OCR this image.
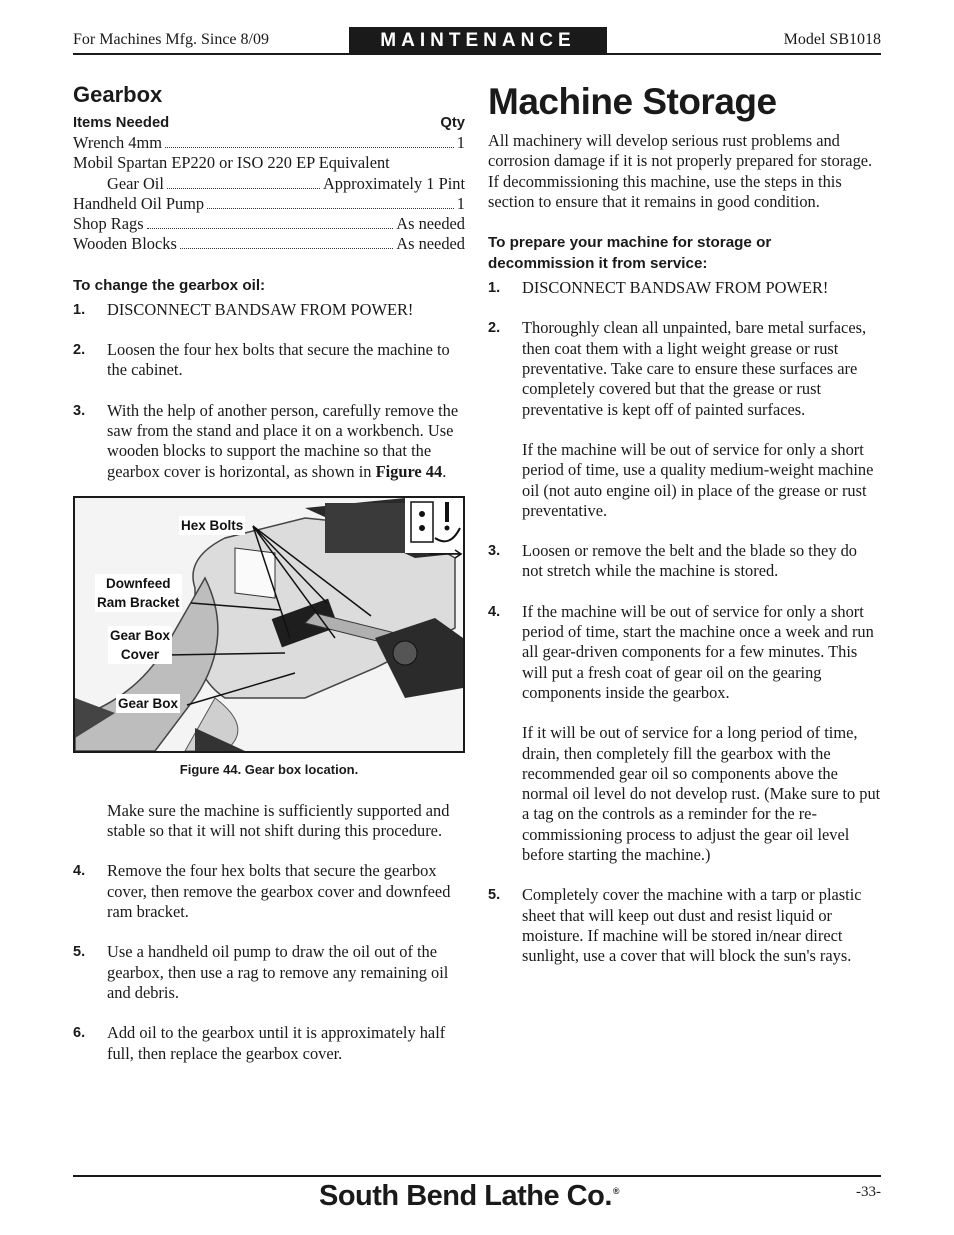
For Machines Mfg. Since 8/09	MAINTENANCE	Model SB1018
Gearbox
Items Needed	Qty
Wrench 4mm	1
Mobil Spartan EP220 or ISO 220 EP Equivalent
Gear Oil	Approximately 1 Pint
Handheld Oil Pump	1
Shop Rags	As needed
Wooden Blocks	As needed
To change the gearbox oil:
1.	DISCONNECT BANDSAW FROM POWER!
2.	Loosen the four hex bolts that secure the machine to the cabinet.
3.	With the help of another person, carefully remove the saw from the stand and place it on a workbench. Use wooden blocks to support the machine so that the gearbox cover is horizontal, as shown in Figure 44.
Hex Bolts
Downfeed
Ram Bracket
Gear Box
Cover
Gear Box
Figure 44. Gear box location.

Make sure the machine is sufficiently supported and stable so that it will not shift during this procedure.

4.	Remove the four hex bolts that secure the gearbox cover, then remove the gearbox cover and downfeed ram bracket.
5.	Use a handheld oil pump to draw the oil out of the gearbox, then use a rag to remove any remaining oil and debris.
6.	Add oil to the gearbox until it is approximately half full, then replace the gearbox cover.
Machine Storage

All machinery will develop serious rust problems and corrosion damage if it is not properly prepared for storage. If decommissioning this machine, use the steps in this section to ensure that it remains in good condition.

To prepare your machine for storage or decommission it from service:
1.	DISCONNECT BANDSAW FROM POWER!
2.	Thoroughly clean all unpainted, bare metal surfaces, then coat them with a light weight grease or rust preventative. Take care to ensure these surfaces are completely covered but that the grease or rust preventative is kept off of painted surfaces.
If the machine will be out of service for only a short period of time, use a quality medium-weight machine oil (not auto engine oil) in place of the grease or rust preventative.
3.	Loosen or remove the belt and the blade so they do not stretch while the machine is stored.
4.	If the machine will be out of service for only a short period of time, start the machine once a week and run all gear-driven components for a few minutes. This will put a fresh coat of gear oil on the gearing components inside the gearbox.
If it will be out of service for a long period of time, drain, then completely fill the gearbox with the recommended gear oil so components above the normal oil level do not develop rust. (Make sure to put a tag on the controls as a reminder for the re-commissioning process to adjust the gear oil level before starting the machine.)
5.	Completely cover the machine with a tarp or plastic sheet that will keep out dust and resist liquid or moisture. If machine will be stored in/near direct sunlight, use a cover that will block the sun's rays.
South Bend Lathe Co.®	-33-
